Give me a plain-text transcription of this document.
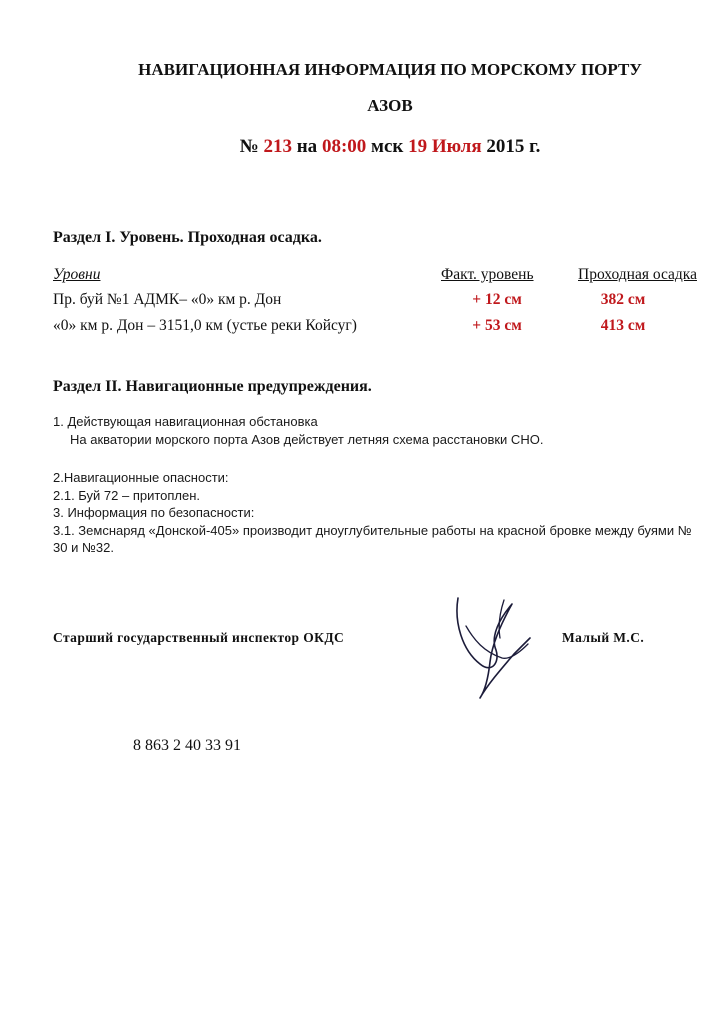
НАВИГАЦИОННАЯ ИНФОРМАЦИЯ ПО МОРСКОМУ ПОРТУ
АЗОВ
№ 213 на 08:00 мск 19 Июля 2015 г.
Раздел I. Уровень. Проходная осадка.
Уровни	Факт. уровень	Проходная осадка
Пр. буй №1 АДМК– «0» км р. Дон	+ 12 см	382 см
«0» км р. Дон – 3151,0 км (устье реки Койсуг)	+ 53 см	413 см
Раздел II. Навигационные предупреждения.
1. Действующая навигационная обстановка
На акватории морского порта Азов действует летняя схема расстановки СНО.
2.Навигационные опасности:
2.1. Буй 72 – притоплен.
3. Информация по безопасности:
3.1. Земснаряд «Донской-405» производит дноуглубительные работы на красной бровке между буями № 30 и №32.
Старший государственный инспектор ОКДС	Малый М.С.
8 863 2 40 33 91
